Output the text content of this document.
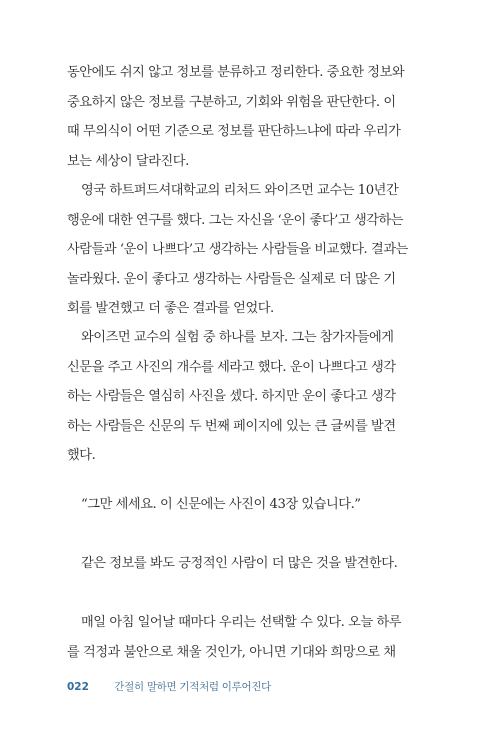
동안에도 쉬지 않고 정보를 분류하고 정리한다. 중요한 정보와
중요하지 않은 정보를 구분하고, 기회와 위험을 판단한다. 이
때 무의식이 어떤 기준으로 정보를 판단하느냐에 따라 우리가
보는 세상이 달라진다.

영국 하트퍼드셔대학교의 리처드 와이즈먼 교수는 10년간
행운에 대한 연구를 했다. 그는 자신을 ‘운이 좋다’고 생각하는
사람들과 ‘운이 나쁘다’고 생각하는 사람들을 비교했다. 결과는
놀라웠다. 운이 좋다고 생각하는 사람들은 실제로 더 많은 기
회를 발견했고 더 좋은 결과를 얻었다.

와이즈먼 교수의 실험 중 하나를 보자. 그는 참가자들에게
신문을 주고 사진의 개수를 세라고 했다. 운이 나쁘다고 생각
하는 사람들은 열심히 사진을 셌다. 하지만 운이 좋다고 생각
하는 사람들은 신문의 두 번째 페이지에 있는 큰 글씨를 발견
했다.

“그만 세세요. 이 신문에는 사진이 43장 있습니다.”

같은 정보를 봐도 긍정적인 사람이 더 많은 것을 발견한다.

매일 아침 일어날 때마다 우리는 선택할 수 있다. 오늘 하루
를 걱정과 불안으로 채울 것인가, 아니면 기대와 희망으로 채

022 간절히 말하면 기적처럼 이루어진다
